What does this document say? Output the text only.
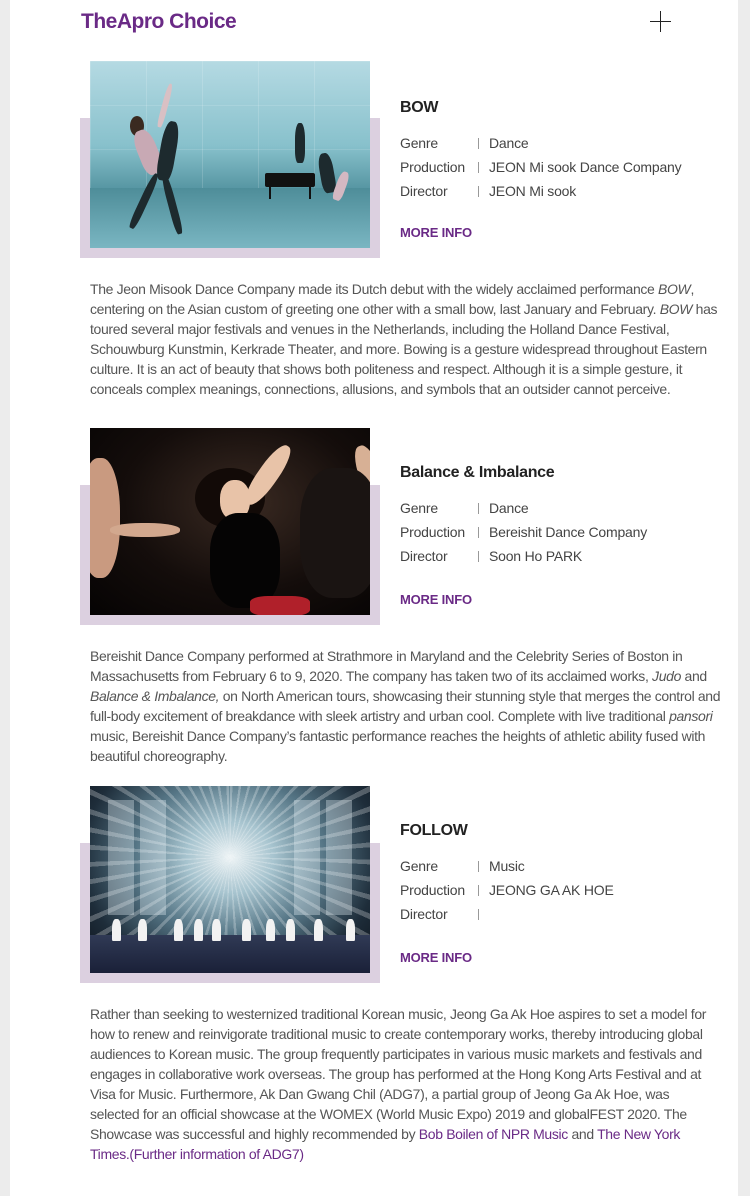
TheApro Choice
BOW
Genre	Dance
Production JEON Mi sook Dance Company
Director	JEON Mi sook
MORE INFO

The Jeon Misook Dance Company made its Dutch debut with the widely acclaimed performance BOW, centering on the Asian custom of greeting one other with a small bow, last January and February. BOW has toured several major festivals and venues in the Netherlands, including the Holland Dance Festival, Schouwburg Kunstmin, Kerkrade Theater, and more. Bowing is a gesture widespread throughout Eastern culture. It is an act of beauty that shows both politeness and respect. Although it is a simple gesture, it conceals complex meanings, connections, allusions, and symbols that an outsider cannot perceive.

Balance & Imbalance
Genre	Dance
Production Bereishit Dance Company
Director	Soon Ho PARK
MORE INFO

Bereishit Dance Company performed at Strathmore in Maryland and the Celebrity Series of Boston in Massachusetts from February 6 to 9, 2020. The company has taken two of its acclaimed works, Judo and Balance & Imbalance, on North American tours, showcasing their stunning style that merges the control and full-body excitement of breakdance with sleek artistry and urban cool. Complete with live traditional pansori music, Bereishit Dance Company’s fantastic performance reaches the heights of athletic ability fused with beautiful choreography.

FOLLOW
Genre	Music
Production JEONG GA AK HOE
Director
MORE INFO

Rather than seeking to westernized traditional Korean music, Jeong Ga Ak Hoe aspires to set a model for how to renew and reinvigorate traditional music to create contemporary works, thereby introducing global audiences to Korean music. The group frequently participates in various music markets and festivals and engages in collaborative work overseas. The group has performed at the Hong Kong Arts Festival and at Visa for Music. Furthermore, Ak Dan Gwang Chil (ADG7), a partial group of Jeong Ga Ak Hoe, was selected for an official showcase at the WOMEX (World Music Expo) 2019 and globalFEST 2020. The Showcase was successful and highly recommended by Bob Boilen of NPR Music and The New York Times.(Further information of ADG7)
